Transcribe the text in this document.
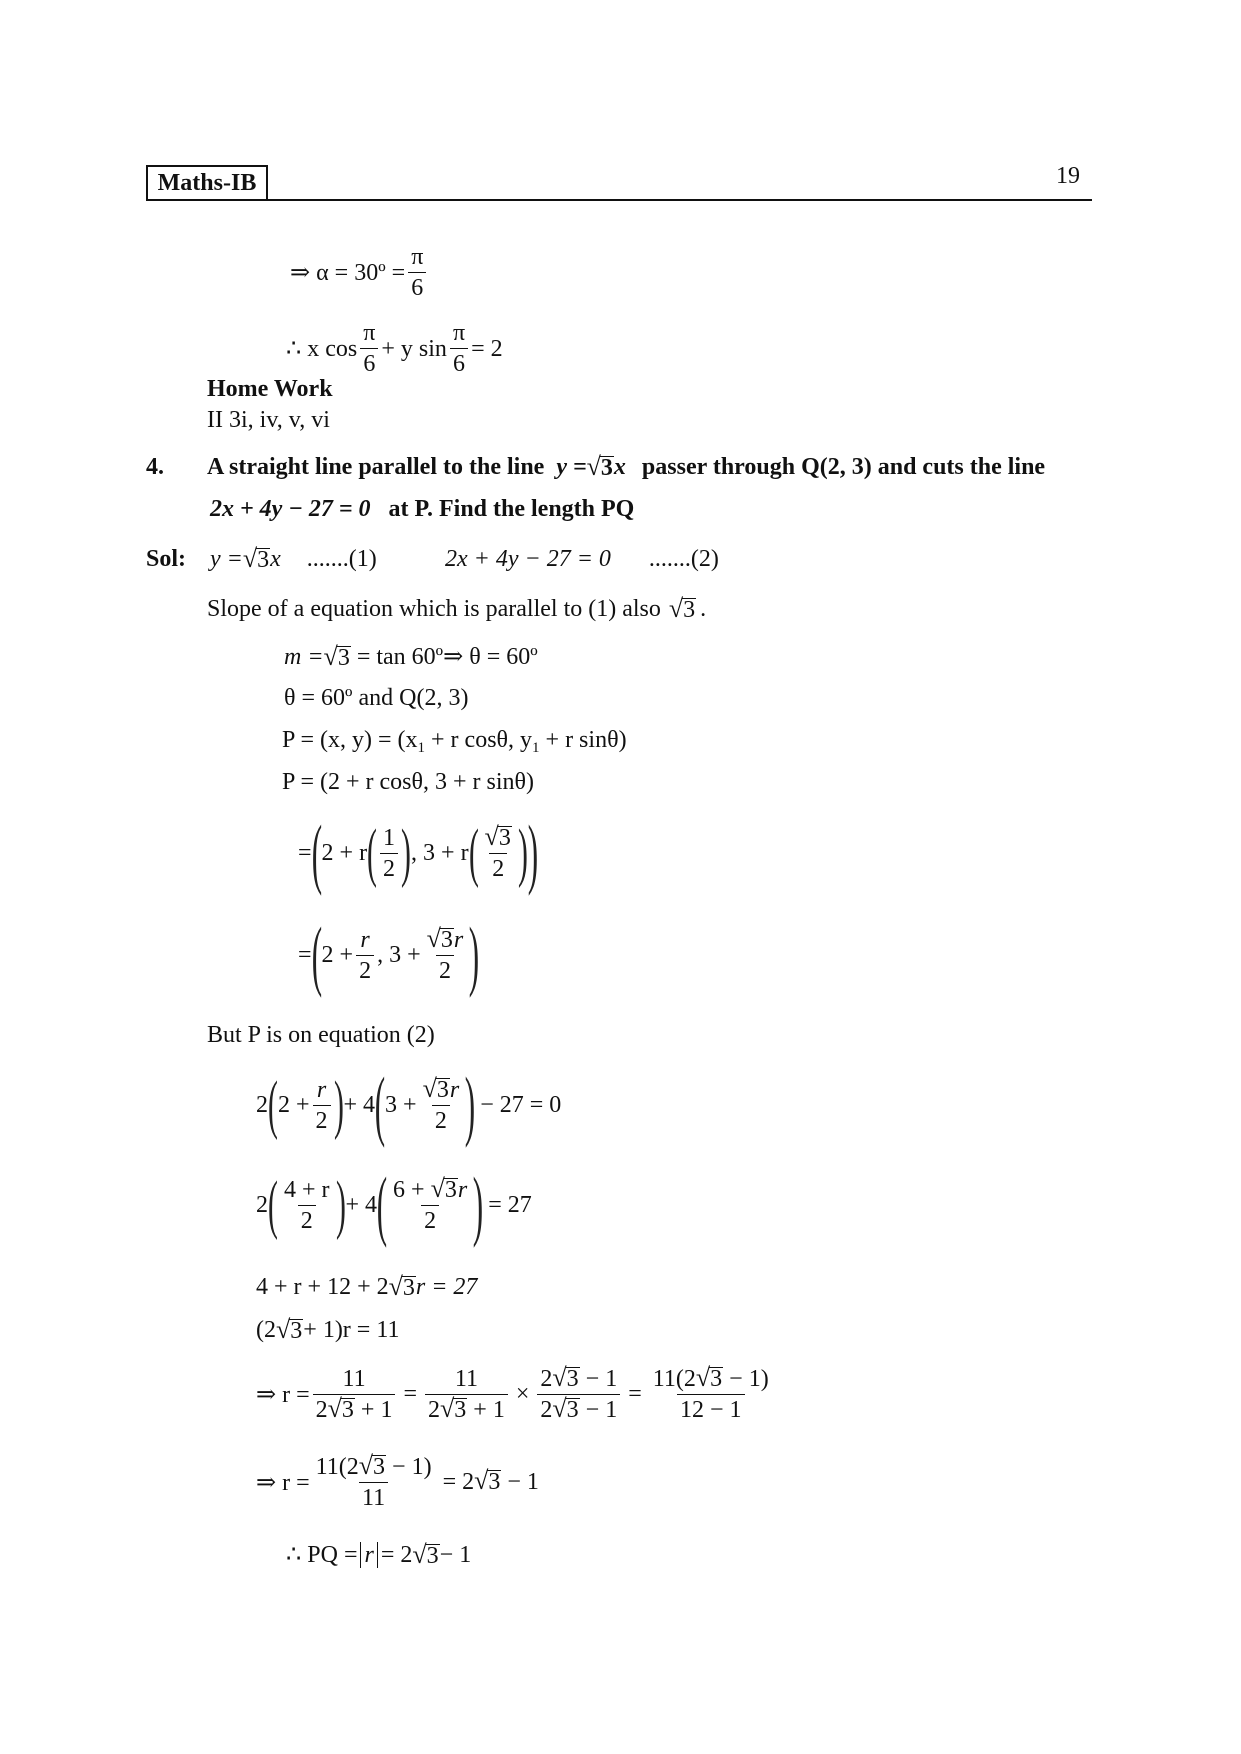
Maths-IB	19
⇒ α = 30º = $\frac{\pi}{6}$
∴ x $\cos \frac{\pi}{6} + y$ $\sin \frac{\pi}{6} = 2$
Home Work
II 3i, iv, v, vi
4. A straight line parallel to the line y = √ 3 x passer through Q(2, 3) and cuts the line
2x + 4y − 27 = 0 at P. Find the length PQ
Sol: y = √ 3 x .......(1)	2x + 4y − 27 = 0 .......(2)
Slope of a equation which is parallel to (1) also √ 3 .
m = √ 3 = tan 60º⇒ θ = 60º
θ = 60º and Q(2, 3)
P = (x, $y) = (x_1 + r$ cosθ, $y_1 + r$ sinθ)
P = (2 + r cosθ, 3 + r sinθ)
= ( 2 + r ( $\frac{1}{2}$ ) , 3 + r ( $\frac{√ 3}{2}$ ) )
= ( $2 + \frac{r}{2}$ , $3 + \frac{√ 3 r}{2}$ )
But P is on equation (2)
2 ( $2 + \frac{r}{2}$ ) + 4 ( $3 + \frac{√ 3 r}{2}$ ) − 27 = 0
2 ( $\frac{4 + r}{2}$ ) + 4 ( $\frac{6 + √ 3 r}{2}$ ) = 27
4 + r + 12 + 2 √ 3 r = 27
(2 √ 3 + 1)r = 11
⇒ $r = \frac{11}{2 √ 3 + 1} = \frac{11}{2 √ 3 + 1} \times \frac{2 √ 3 - 1}{2 √ 3 - 1} = \frac{11(2 √ 3 - 1)}{12 - 1}$
⇒ $r = \frac{11(2 √ 3 - 1)}{11} = 2$ √ 3 − 1
∴ PQ = r = 2 √ 3 − 1
